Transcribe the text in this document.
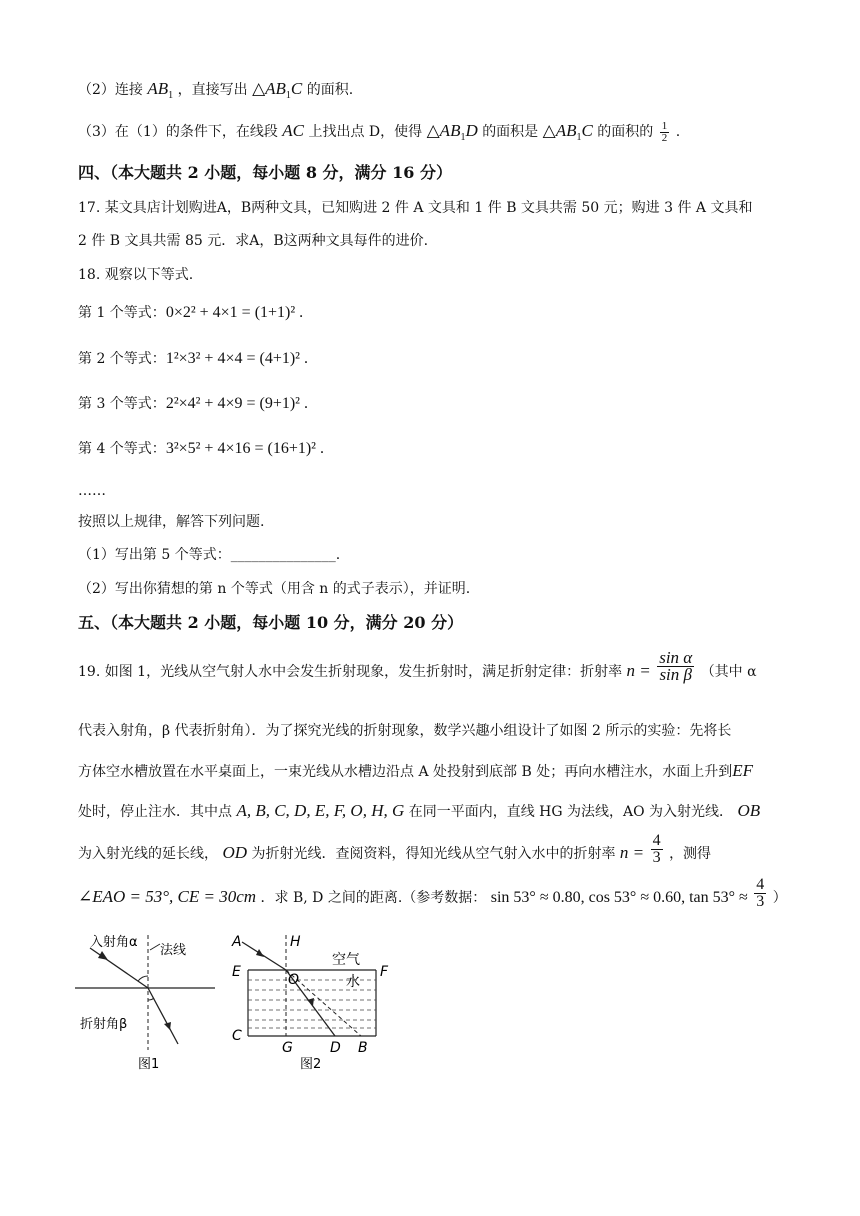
（2）连接 $AB_1$ ，直接写出 $\triangle AB_1C$ 的面积.
（3）在（1）的条件下，在线段 AC 上找出点 D，使得 $\triangle AB_1D$ 的面积是 $\triangle AB_1C$ 的面积的 $\frac{1}{2}$ .
四、（本大题共 2 小题，每小题 8 分，满分 16 分）
17. 某文具店计划购进A，B两种文具，已知购进 2 件 A 文具和 1 件 B 文具共需 50 元；购进 3 件 A 文具和
2 件 B 文具共需 85 元．求A，B这两种文具每件的进价.
18. 观察以下等式.
第 1 个等式：0×2² + 4×1 = (1+1)² .
第 2 个等式：1²×3² + 4×4 = (4+1)² .
第 3 个等式：2²×4² + 4×9 = (9+1)² .
第 4 个等式：3²×5² + 4×16 = (16+1)² .
……
按照以上规律，解答下列问题.
（1）写出第 5 个等式：_______________.
（2）写出你猜想的第 n 个等式（用含 n 的式子表示），并证明.
五、（本大题共 2 小题，每小题 10 分，满分 20 分）
19. 如图 1，光线从空气射人水中会发生折射现象，发生折射时，满足折射定律：折射率 $n = \frac{\text{sin α}}{\text{sin β}}$ （其中 α
代表入射角，β 代表折射角）．为了探究光线的折射现象，数学兴趣小组设计了如图 2 所示的实验：先将长
方体空水槽放置在水平桌面上，一束光线从水槽边沿点 A 处投射到底部 B 处；再向水槽注水，水面上升到EF
处时，停止注水．其中点 A, B, C, D, E, F, O, H, G 在同一平面内，直线 HG 为法线，AO 为入射光线． OB
为入射光线的延长线， OD 为折射光线．查阅资料，得知光线从空气射入水中的折射率 $n = \frac{4}{3}$ ，测得
∠EAO = 53°, CE = 30cm ．求 B, D 之间的距离.（参考数据： sin 53° ≈ 0.80, cos 53° ≈ 0.60, $\tan 53^\circ \approx \frac{4}{3}$ ）
入射角α
法线
折射角β
图1
A	H
E	O	F
C
G	D B
空气
水
图2
